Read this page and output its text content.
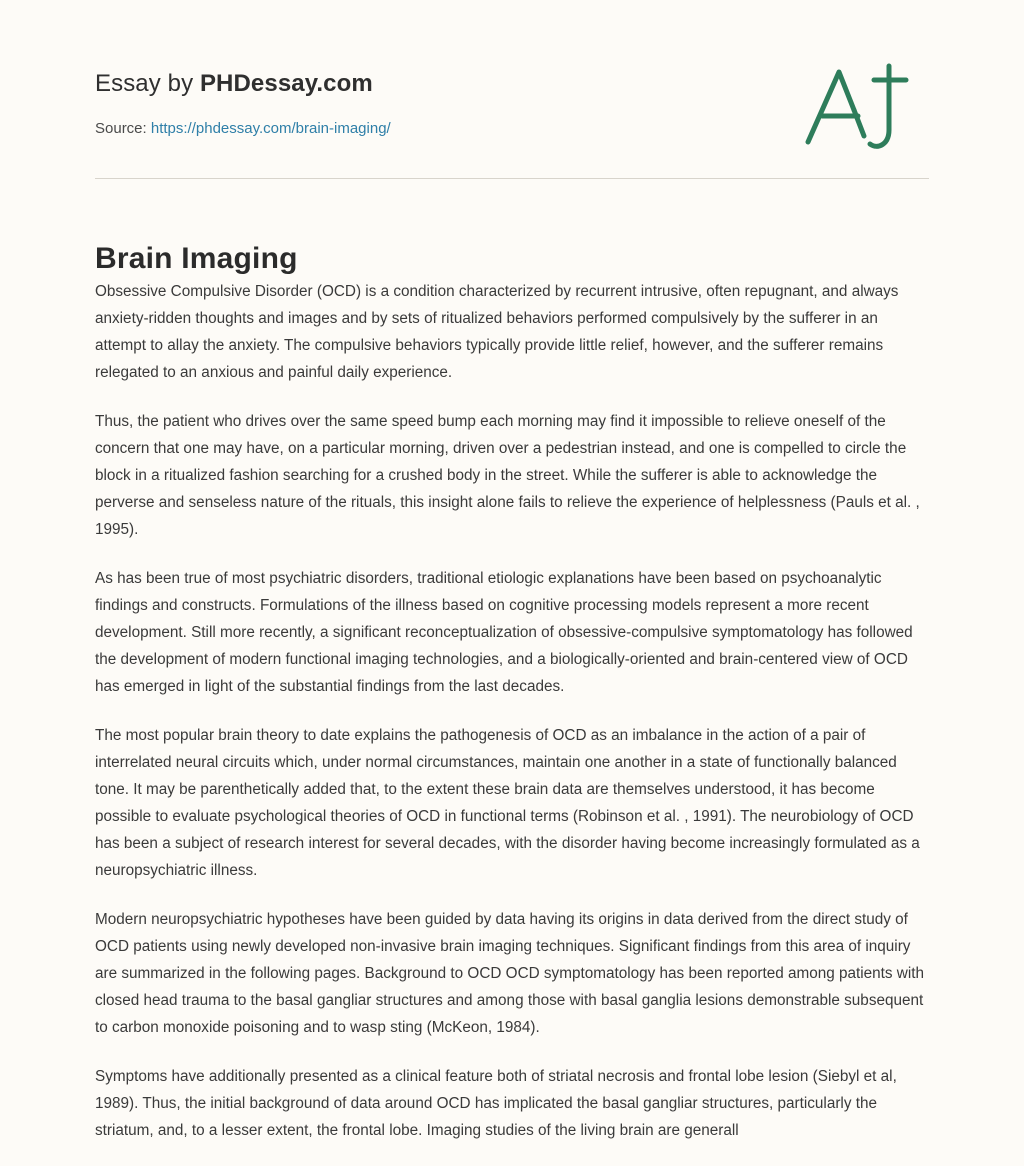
Essay by PHDessay.com
Source: https://phdessay.com/brain-imaging/
Brain Imaging

Obsessive Compulsive Disorder (OCD) is a condition characterized by recurrent intrusive, often repugnant, and always anxiety-ridden thoughts and images and by sets of ritualized behaviors performed compulsively by the sufferer in an attempt to allay the anxiety. The compulsive behaviors typically provide little relief, however, and the sufferer remains relegated to an anxious and painful daily experience.

Thus, the patient who drives over the same speed bump each morning may find it impossible to relieve oneself of the concern that one may have, on a particular morning, driven over a pedestrian instead, and one is compelled to circle the block in a ritualized fashion searching for a crushed body in the street. While the sufferer is able to acknowledge the perverse and senseless nature of the rituals, this insight alone fails to relieve the experience of helplessness (Pauls et al. , 1995).

As has been true of most psychiatric disorders, traditional etiologic explanations have been based on psychoanalytic findings and constructs. Formulations of the illness based on cognitive processing models represent a more recent development. Still more recently, a significant reconceptualization of obsessive-compulsive symptomatology has followed the development of modern functional imaging technologies, and a biologically-oriented and brain-centered view of OCD has emerged in light of the substantial findings from the last decades.

The most popular brain theory to date explains the pathogenesis of OCD as an imbalance in the action of a pair of interrelated neural circuits which, under normal circumstances, maintain one another in a state of functionally balanced tone. It may be parenthetically added that, to the extent these brain data are themselves understood, it has become possible to evaluate psychological theories of OCD in functional terms (Robinson et al. , 1991). The neurobiology of OCD has been a subject of research interest for several decades, with the disorder having become increasingly formulated as a neuropsychiatric illness.

Modern neuropsychiatric hypotheses have been guided by data having its origins in data derived from the direct study of OCD patients using newly developed non-invasive brain imaging techniques. Significant findings from this area of inquiry are summarized in the following pages. Background to OCD OCD symptomatology has been reported among patients with closed head trauma to the basal gangliar structures and among those with basal ganglia lesions demonstrable subsequent to carbon monoxide poisoning and to wasp sting (McKeon, 1984).

Symptoms have additionally presented as a clinical feature both of striatal necrosis and frontal lobe lesion (Siebyl et al, 1989). Thus, the initial background of data around OCD has implicated the basal gangliar structures, particularly the striatum, and, to a lesser extent, the frontal lobe. Imaging studies of the living brain are generall
